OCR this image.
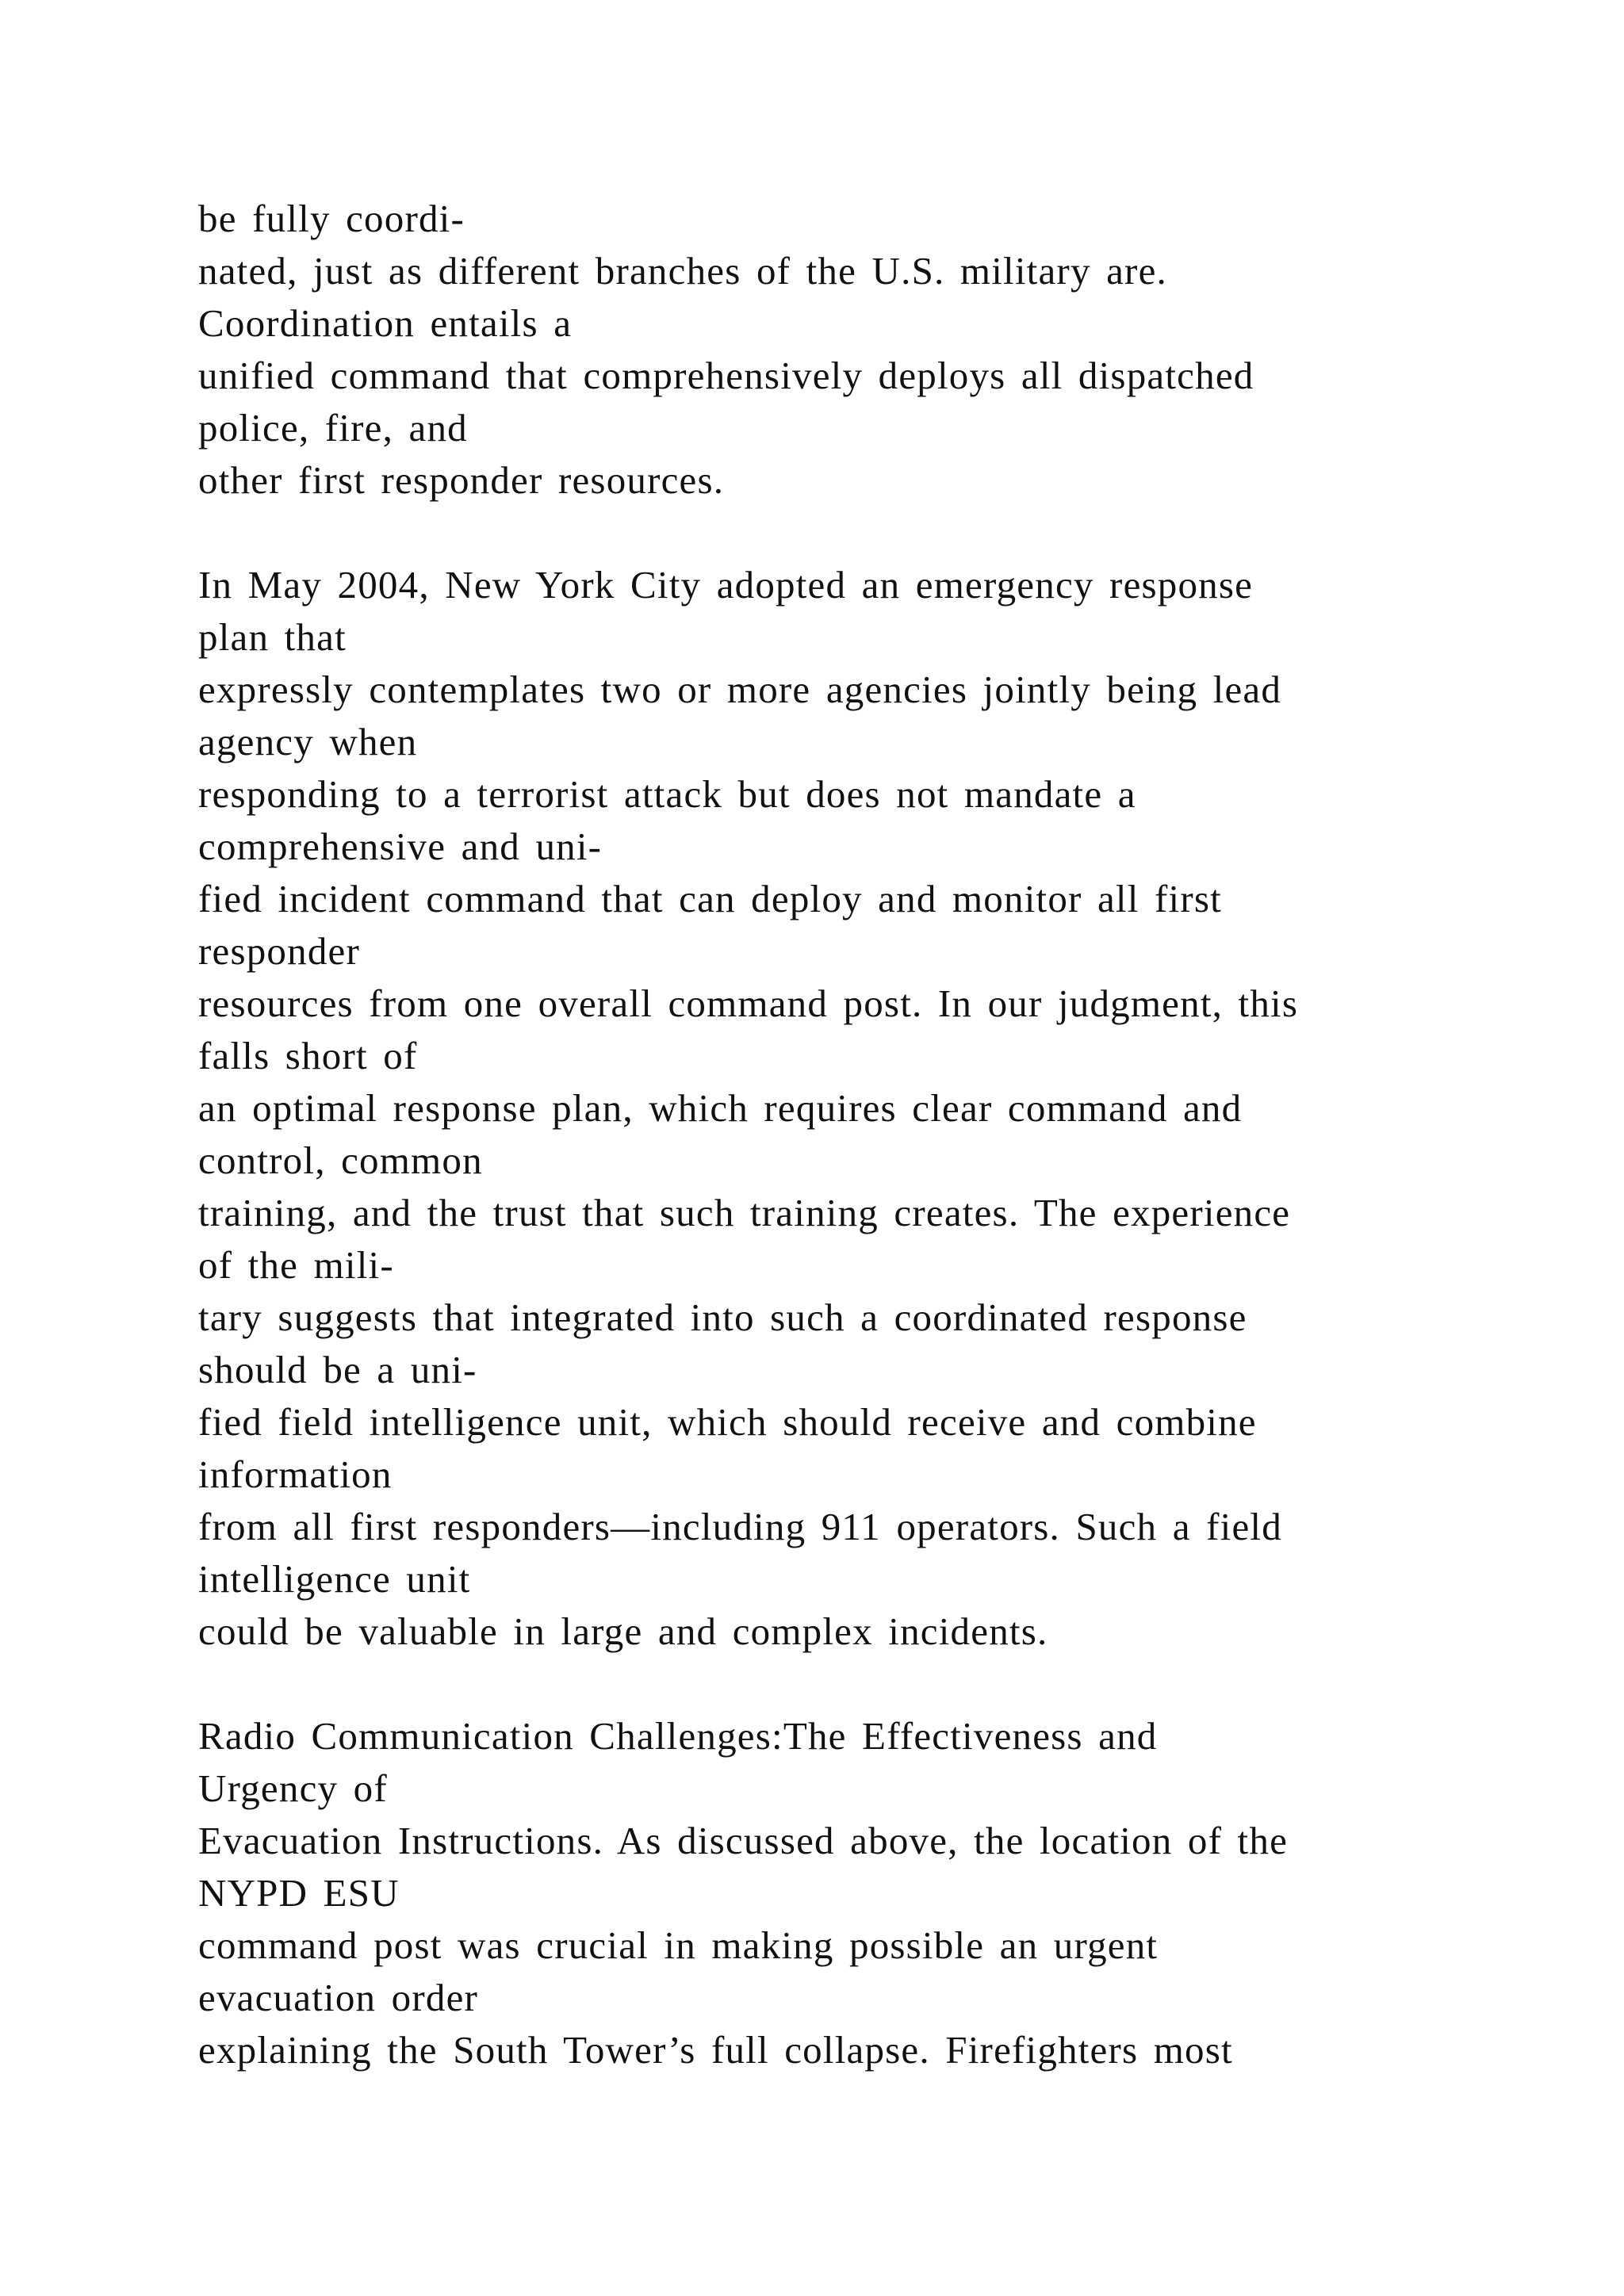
be fully coordi-
nated, just as different branches of the U.S. military are.
Coordination entails a
unified command that comprehensively deploys all dispatched
police, fire, and
other first responder resources.
In May 2004, New York City adopted an emergency response
plan that
expressly contemplates two or more agencies jointly being lead
agency when
responding to a terrorist attack but does not mandate a
comprehensive and uni-
fied incident command that can deploy and monitor all first
responder
resources from one overall command post. In our judgment, this
falls short of
an optimal response plan, which requires clear command and
control, common
training, and the trust that such training creates. The experience
of the mili-
tary suggests that integrated into such a coordinated response
should be a uni-
fied field intelligence unit, which should receive and combine
information
from all first responders—including 911 operators. Such a field
intelligence unit
could be valuable in large and complex incidents.
Radio Communication Challenges:The Effectiveness and
Urgency of
Evacuation Instructions. As discussed above, the location of the
NYPD ESU
command post was crucial in making possible an urgent
evacuation order
explaining the South Tower’s full collapse. Firefighters most
